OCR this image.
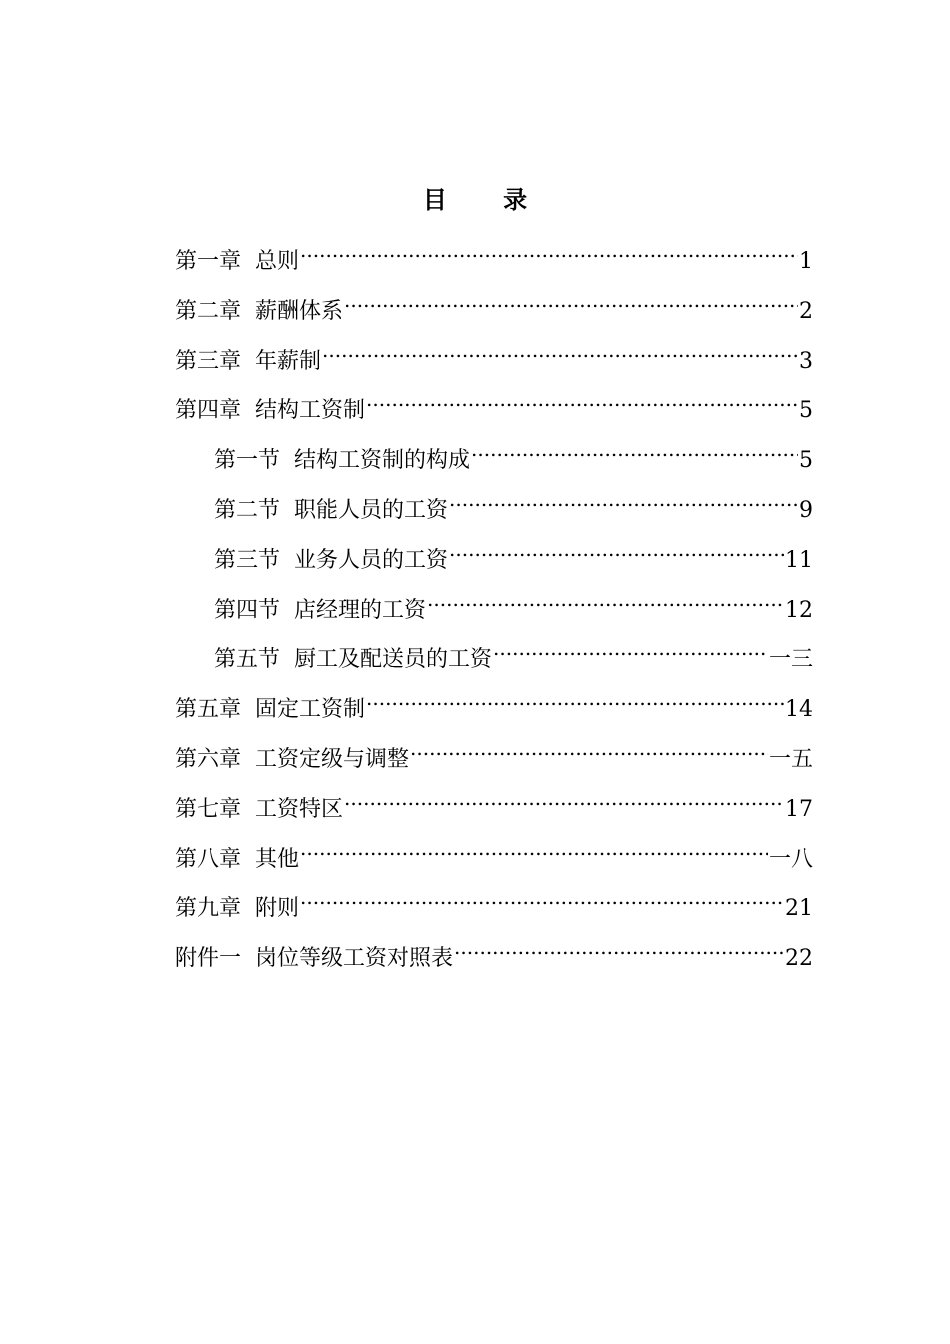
目 录
第一章 总则 .....	1
第二章 薪酬体系 .....	2
第三章 年薪制 .....	3
第四章 结构工资制 .....	5
第一节 结构工资制的构成 .....	5
第二节 职能人员的工资 .....	9
第三节 业务人员的工资 .....	11
第四节 店经理的工资 .....	12
第五节 厨工及配送员的工资 .....	一三
第五章 固定工资制 .....	14
第六章 工资定级与调整 .....	一五
第七章 工资特区 .....	17
第八章 其他 .....	一八
第九章 附则 .....	21
附件一 岗位等级工资对照表 .....	22
